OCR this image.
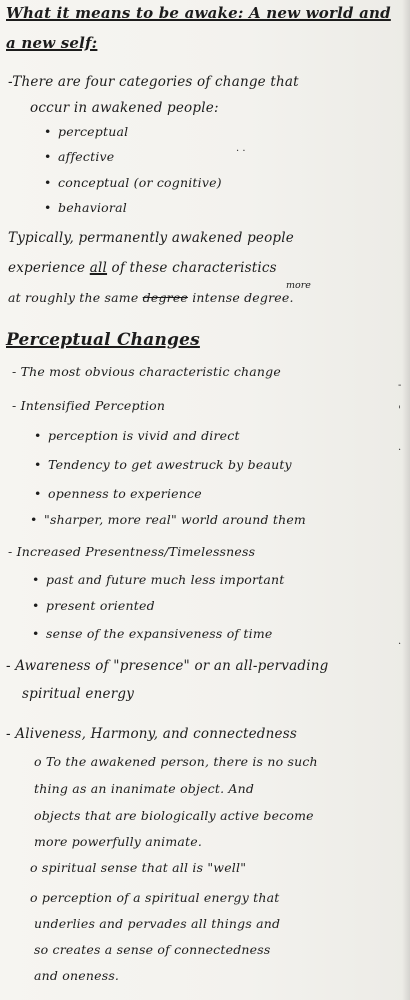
What it means to be awake: A new world and
a new self:
-There are four categories of change that
occur in awakened people:
• perceptual
• affective
• conceptual (or cognitive)
• behavioral
· ·
Typically, permanently awakened people
experience all of these characteristics
more
at roughly the same degree intense degree.
Perceptual Changes
- The most obvious characteristic change
- Intensified Perception
• perception is vivid and direct
• Tendency to get awestruck by beauty
• openness to experience
• "sharper, more real" world around them
- Increased Presentness/Timelessness
• past and future much less important
• present oriented
• sense of the expansiveness of time
- Awareness of "presence" or an all-pervading
spiritual energy
- Aliveness, Harmony, and connectedness
o To the awakened person, there is no such
thing as an inanimate object. And
objects that are biologically active become
more powerfully animate.
o spiritual sense that all is "well"
o perception of a spiritual energy that
underlies and pervades all things and
so creates a sense of connectedness
and oneness.
-
'
.
.
